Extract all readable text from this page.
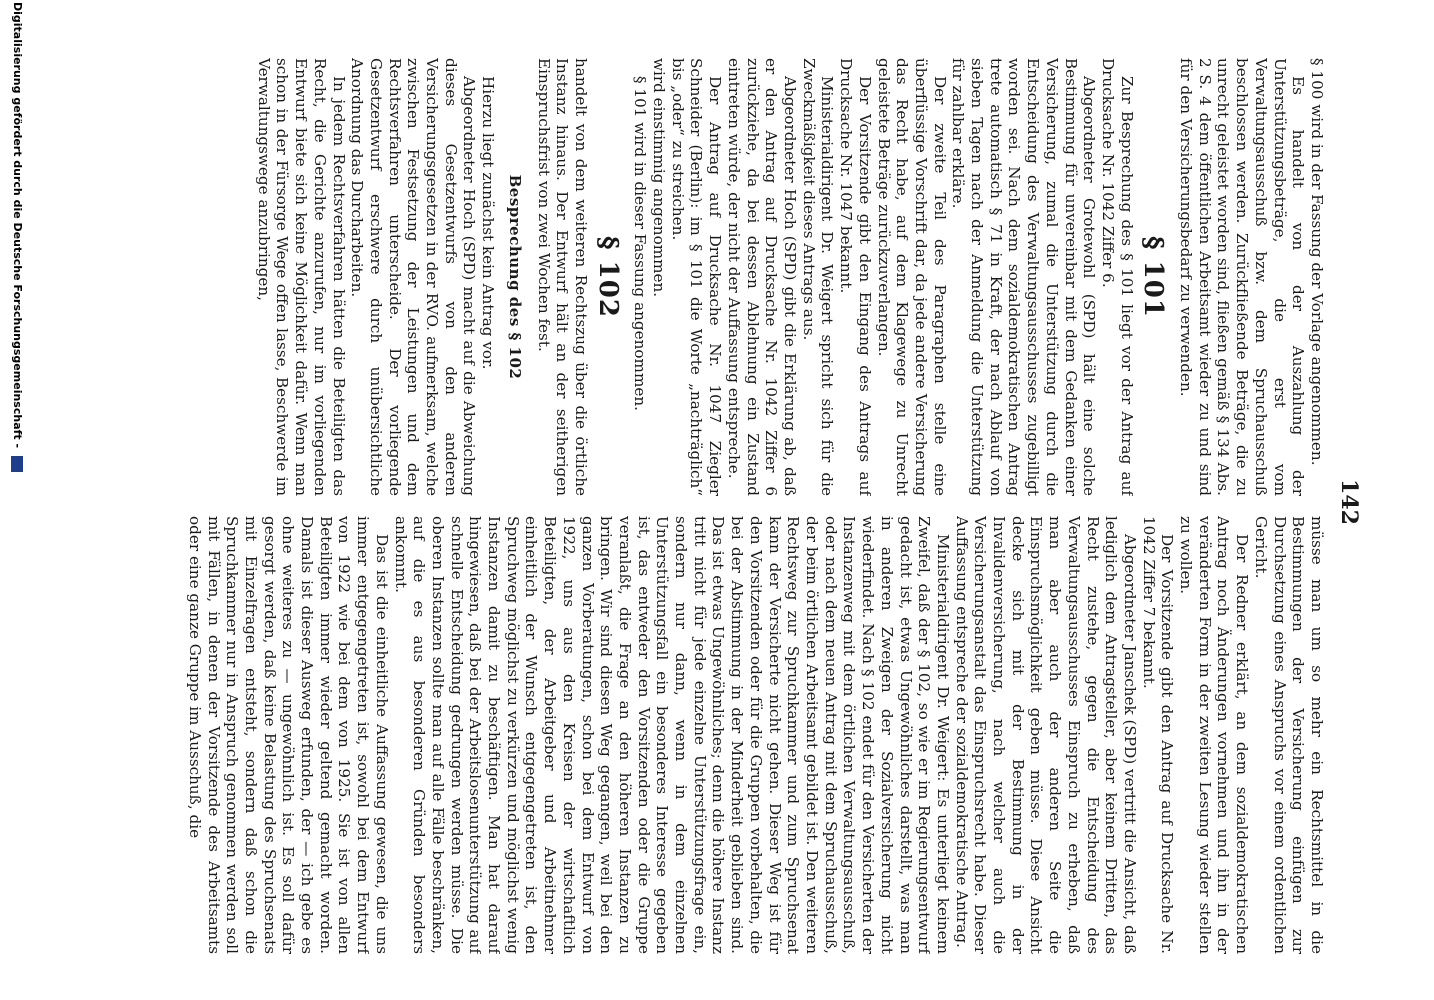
142

§ 100 wird in der Fassung der Vorlage angenommen.

Es handelt von der Auszahlung der Unterstützungsbeträge, die erst vom Verwaltungsausschuß bzw. dem Spruchausschuß beschlossen werden. Zurückfließende Beträge, die zu unrecht geleistet worden sind, fließen gemäß § 134 Abs. 2 S. 4 dem öffentlichen Arbeitsamt wieder zu und sind für den Versicherungsbedarf zu verwenden.

§ 101

Zur Besprechung des § 101 liegt vor der Antrag auf Drucksache Nr. 1042 Ziffer 6.

Abgeordneter Grotewohl (SPD) hält eine solche Bestimmung für unvereinbar mit dem Gedanken einer Versicherung, zumal die Unterstützung durch die Entscheidung des Verwaltungsausschusses zugebilligt worden sei. Nach dem sozialdemokratischen Antrag trete automatisch § 71 in Kraft, der nach Ablauf von sieben Tagen nach der Anmeldung die Unterstützung für zahlbar erkläre.

Der zweite Teil des Paragraphen stelle eine überflüssige Vorschrift dar, da jede andere Versicherung das Recht habe, auf dem Klagewege zu Unrecht geleistete Beträge zurückzuverlangen.

Der Vorsitzende gibt den Eingang des Antrags auf Drucksache Nr. 1047 bekannt.

Ministerialdirigent Dr. Weigert spricht sich für die Zweckmäßigkeit dieses Antrags aus.

Abgeordneter Hoch (SPD) gibt die Erklärung ab, daß er den Antrag auf Drucksache Nr. 1042 Ziffer 6 zurückziehe, da bei dessen Ablehnung ein Zustand eintreten würde, der nicht der Auffassung entspreche.

Der Antrag auf Drucksache Nr. 1047 Ziegler Schneider (Berlin): im § 101 die Worte „nachträglich“ bis „oder“ zu streichen.

wird einstimmig angenommen.

§ 101 wird in dieser Fassung angenommen.

§ 102

handelt von dem weiteren Rechtszug über die örtliche Instanz hinaus. Der Entwurf hält an der seitherigen Einspruchsfrist von zwei Wochen fest.

Besprechung des § 102

Hierzu liegt zunächst kein Antrag vor.

Abgeordneter Hoch (SPD) macht auf die Abweichung dieses Gesetzentwurfs von den anderen Versicherungsgesetzen in der RVO. aufmerksam, welche zwischen Festsetzung der Leistungen und dem Rechtsverfahren unterscheide. Der vorliegende Gesetzentwurf erschwere durch unübersichtliche Anordnung das Durcharbeiten.

In jedem Rechtsverfahren hätten die Beteiligten das Recht, die Gerichte anzurufen, nur im vorliegenden Entwurf biete sich keine Möglichkeit dafür. Wenn man schon in der Fürsorge Wege offen lasse, Beschwerde im Verwaltungswege anzubringen,

müsse man um so mehr ein Rechtsmittel in die Bestimmungen der Versicherung einfügen zur Durchsetzung eines Anspruchs vor einem ordentlichen Gericht.

Der Redner erklärt, an dem sozialdemokratischen Antrag noch Änderungen vornehmen und ihn in der veränderten Form in der zweiten Lesung wieder stellen zu wollen.

Der Vorsitzende gibt den Antrag auf Drucksache Nr. 1042 Ziffer 7 bekannt.

Abgeordneter Janschek (SPD) vertritt die Ansicht, daß lediglich dem Antragsteller, aber keinem Dritten, das Recht zustehe, gegen die Entscheidung des Verwaltungsausschusses Einspruch zu erheben, daß man aber auch der anderen Seite die Einspruchsmöglichkeit geben müsse. Diese Ansicht decke sich mit der Bestimmung in der Invalidenversicherung, nach welcher auch die Versicherungsanstalt das Einspruchsrecht habe. Dieser Auffassung entspreche der sozialdemokratische Antrag.

Ministerialdirigent Dr. Weigert: Es unterliegt keinem Zweifel, daß der § 102, so wie er im Regierungsentwurf gedacht ist, etwas Ungewöhnliches darstellt, was man in anderen Zweigen der Sozialversicherung nicht wiederfindet. Nach § 102 endet für den Versicherten der Instanzenweg mit dem örtlichen Verwaltungsausschuß, oder nach dem neuen Antrag mit dem Spruchausschuß, der beim örtlichen Arbeitsamt gebildet ist. Den weiteren Rechtsweg zur Spruchkammer und zum Spruchsenat kann der Versicherte nicht gehen. Dieser Weg ist für den Vorsitzenden oder für die Gruppen vorbehalten, die bei der Abstimmung in der Minderheit geblieben sind. Das ist etwas Ungewöhnliches; denn die höhere Instanz tritt nicht für jede einzelne Unterstützungsfrage ein, sondern nur dann, wenn in dem einzelnen Unterstützungsfall ein besonderes Interesse gegeben ist, das entweder den Vorsitzenden oder die Gruppe veranlaßt, die Frage an den höheren Instanzen zu bringen. Wir sind diesen Weg gegangen, weil bei den ganzen Vorberatungen, schon bei dem Entwurf von 1922, uns aus den Kreisen der wirtschaftlich Beteiligten, der Arbeitgeber und Arbeitnehmer einheitlich der Wunsch entgegengetreten ist, den Spruchweg möglichst zu verkürzen und möglichst wenig Instanzen damit zu beschäftigen. Man hat darauf hingewiesen, daß bei der Arbeitslosenunterstützung auf schnelle Entscheidung gedrungen werden müsse. Die oberen Instanzen sollte man auf alle Fälle beschränken, auf die es aus besonderen Gründen besonders ankommt.

Das ist die einheitliche Auffassung gewesen, die uns immer entgegengetreten ist, sowohl bei dem Entwurf von 1922 wie bei dem von 1925. Sie ist von allen Beteiligten immer wieder geltend gemacht worden. Damals ist dieser Ausweg erfunden, der — ich gebe es ohne weiteres zu — ungewöhnlich ist. Es soll dafür gesorgt werden, daß keine Belastung des Spruchsenats mit Einzelfragen entsteht, sondern daß schon die Spruchkammer nur in Anspruch genommen werden soll mit Fällen, in denen der Vorsitzende des Arbeitsamts oder eine ganze Gruppe im Ausschuß, die

Digitalisierung gefördert durch die Deutsche Forschungsgemeinschaft -
